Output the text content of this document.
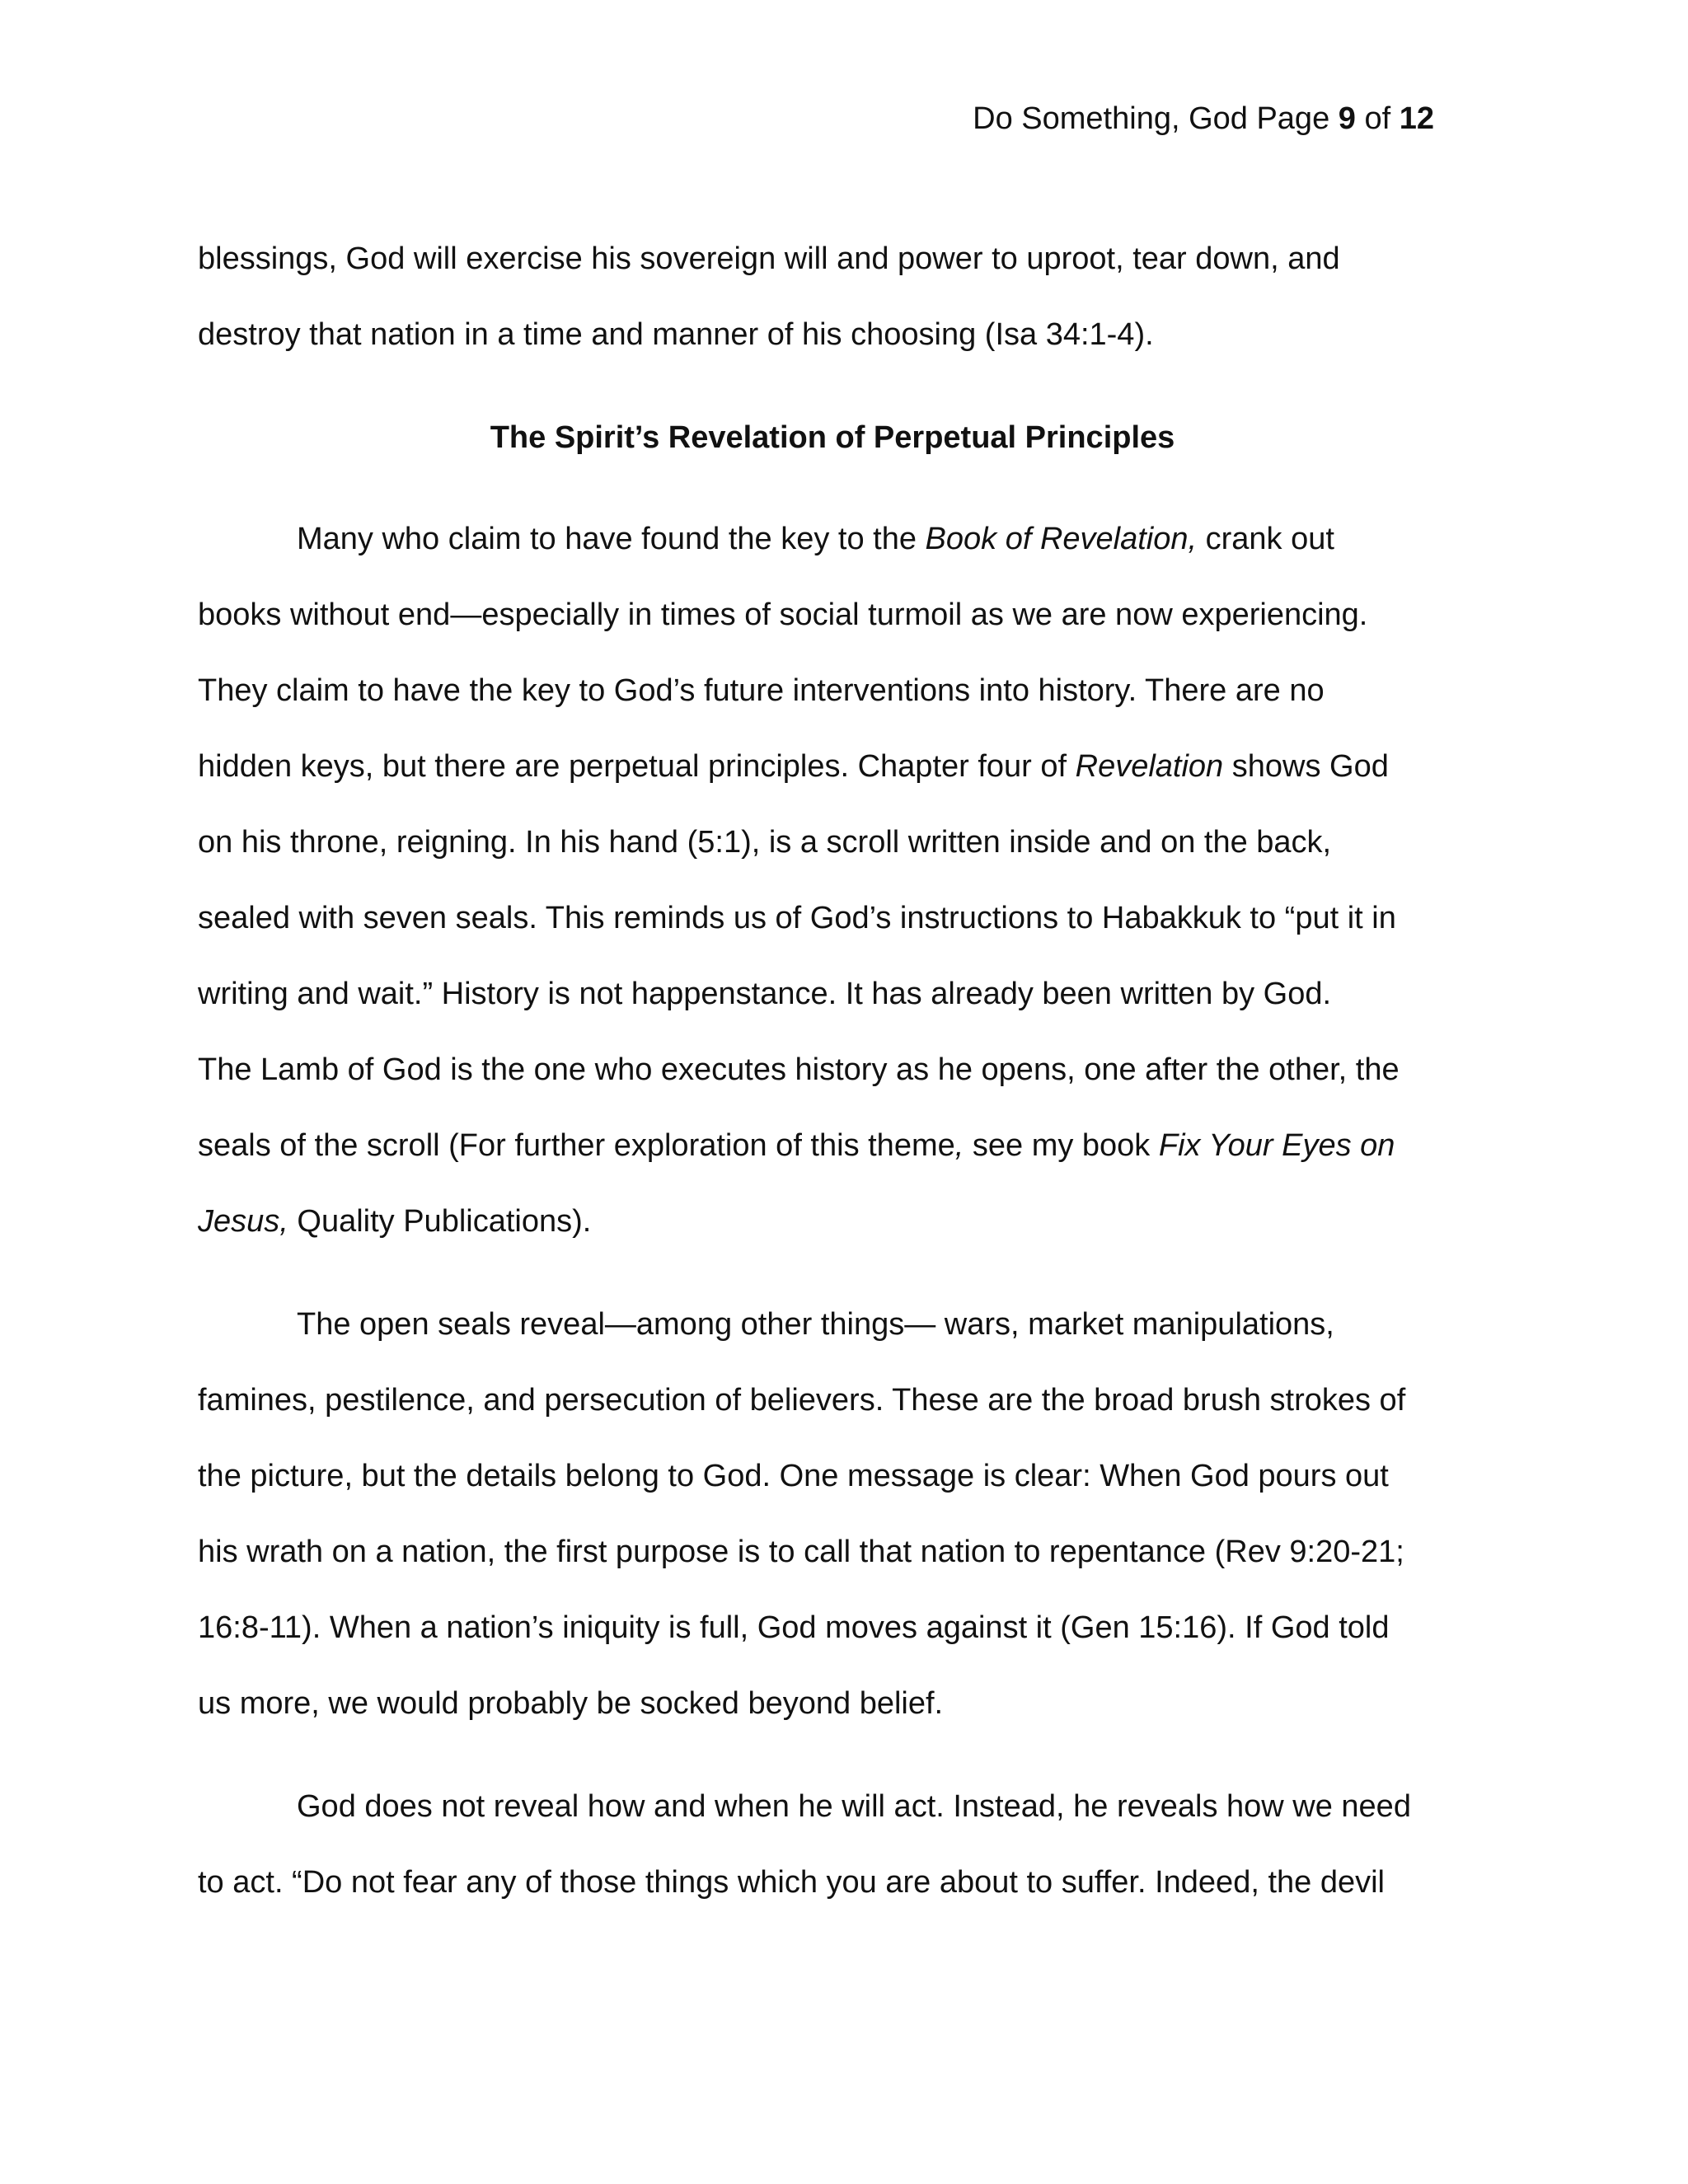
Do Something, God Page 9 of 12
blessings, God will exercise his sovereign will and power to uproot, tear down, and
destroy that nation in a time and manner of his choosing (Isa 34:1-4).
The Spirit’s Revelation of Perpetual Principles
Many who claim to have found the key to the Book of Revelation, crank out
books without end—especially in times of social turmoil as we are now experiencing.
They claim to have the key to God’s future interventions into history. There are no
hidden keys, but there are perpetual principles. Chapter four of Revelation shows God
on his throne, reigning. In his hand (5:1), is a scroll written inside and on the back,
sealed with seven seals. This reminds us of God’s instructions to Habakkuk to “put it in
writing and wait.” History is not happenstance. It has already been written by God.
The Lamb of God is the one who executes history as he opens, one after the other, the
seals of the scroll (For further exploration of this theme, see my book Fix Your Eyes on
Jesus, Quality Publications).
The open seals reveal—among other things— wars, market manipulations,
famines, pestilence, and persecution of believers. These are the broad brush strokes of
the picture, but the details belong to God. One message is clear: When God pours out
his wrath on a nation, the first purpose is to call that nation to repentance (Rev 9:20-21;
16:8-11). When a nation’s iniquity is full, God moves against it (Gen 15:16). If God told
us more, we would probably be socked beyond belief.
God does not reveal how and when he will act. Instead, he reveals how we need
to act. “Do not fear any of those things which you are about to suffer. Indeed, the devil
